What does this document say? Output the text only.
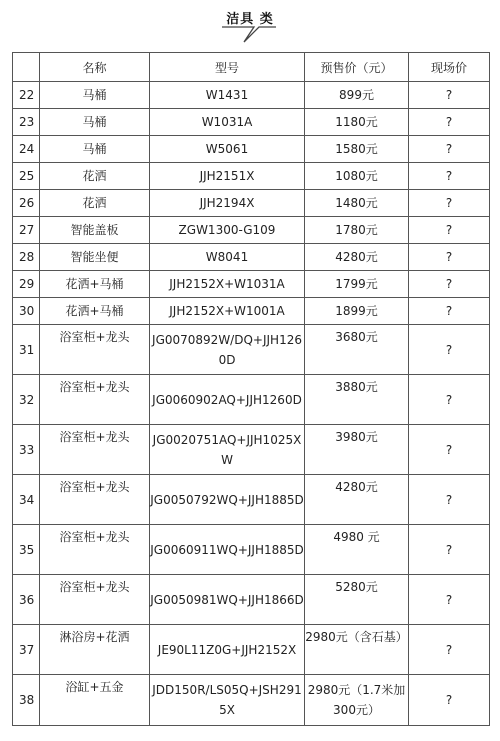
洁具 类
	名称	型号	预售价（元）	现场价
22	马桶	W1431	899元	?
23	马桶	W1031A	1180元	?
24	马桶	W5061	1580元	?
25	花洒	JJH2151X	1080元	?
26	花洒	JJH2194X	1480元	?
27	智能盖板	ZGW1300-G109	1780元	?
28	智能坐便	W8041	4280元	?
29	花洒+马桶	JJH2152X+W1031A	1799元	?
30	花洒+马桶	JJH2152X+W1001A	1899元	?
31	浴室柜+龙头	JG0070892W/DQ+JJH1260D	3680元	?
32	浴室柜+龙头	JG0060902AQ+JJH1260D	3880元	?
33	浴室柜+龙头	JG0020751AQ+JJH1025XW	3980元	?
34	浴室柜+龙头	JG0050792WQ+JJH1885D	4280元	?
35	浴室柜+龙头	JG0060911WQ+JJH1885D	4980 元	?
36	浴室柜+龙头	JG0050981WQ+JJH1866D	5280元	?
37	淋浴房+花洒	JE90L11Z0G+JJH2152X	2980元（含石基）	?
38	浴缸+五金	JDD150R/LS05Q+JSH2915X	2980元（1.7米加300元）	?
